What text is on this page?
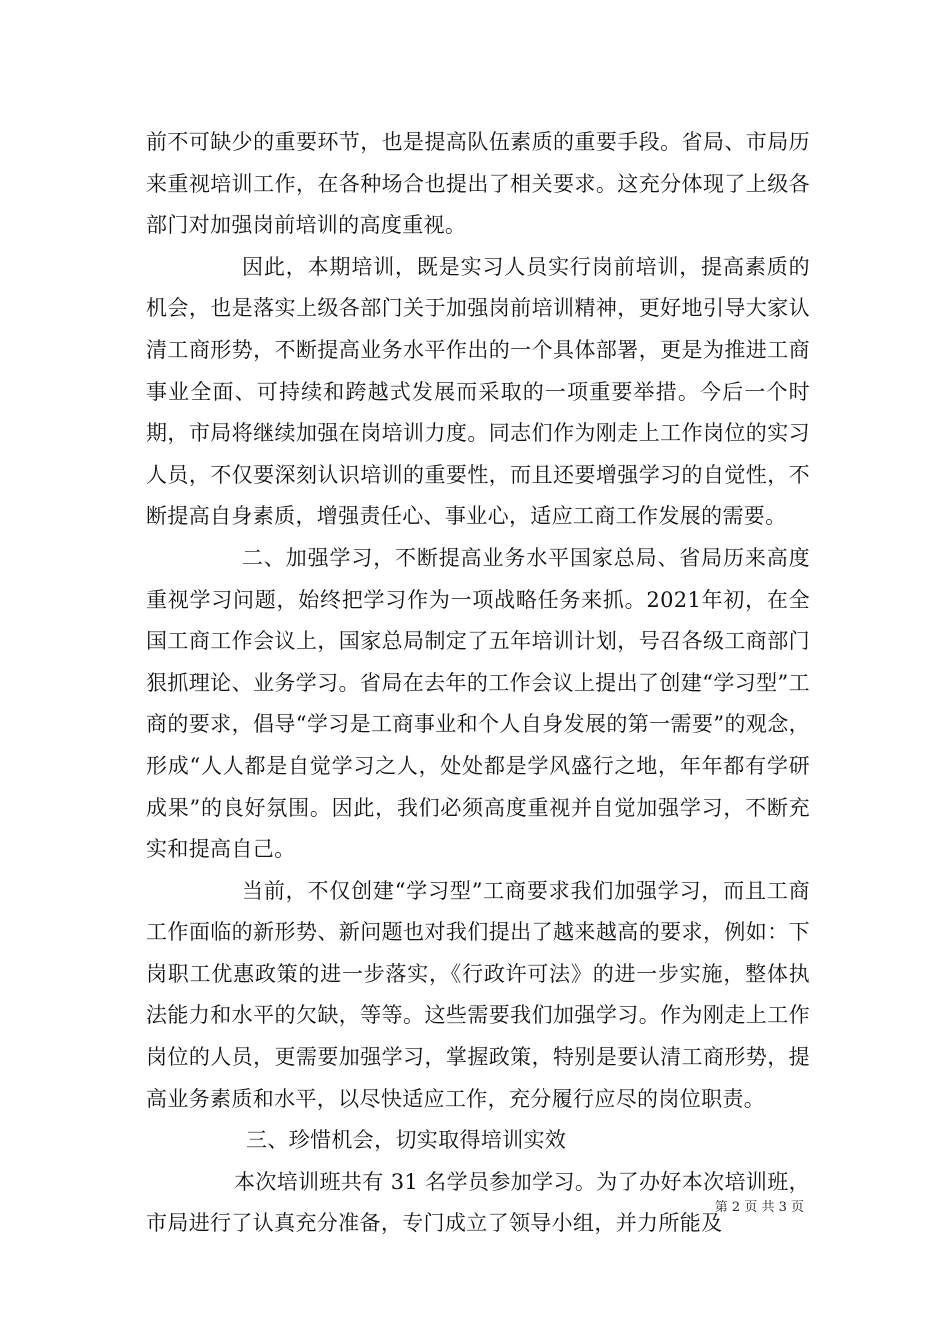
前不可缺少的重要环节，也是提高队伍素质的重要手段。省局、市局历来重视培训工作，在各种场合也提出了相关要求。这充分体现了上级各部门对加强岗前培训的高度重视。

因此，本期培训，既是实习人员实行岗前培训，提高素质的机会，也是落实上级各部门关于加强岗前培训精神，更好地引导大家认清工商形势，不断提高业务水平作出的一个具体部署，更是为推进工商事业全面、可持续和跨越式发展而采取的一项重要举措。今后一个时期，市局将继续加强在岗培训力度。同志们作为刚走上工作岗位的实习人员，不仅要深刻认识培训的重要性，而且还要增强学习的自觉性，不断提高自身素质，增强责任心、事业心，适应工商工作发展的需要。

二、加强学习，不断提高业务水平国家总局、省局历来高度重视学习问题，始终把学习作为一项战略任务来抓。2021年初，在全国工商工作会议上，国家总局制定了五年培训计划，号召各级工商部门狠抓理论、业务学习。省局在去年的工作会议上提出了创建“学习型”工商的要求，倡导“学习是工商事业和个人自身发展的第一需要”的观念，形成“人人都是自觉学习之人，处处都是学风盛行之地，年年都有学研成果”的良好氛围。因此，我们必须高度重视并自觉加强学习，不断充实和提高自己。

当前，不仅创建“学习型”工商要求我们加强学习，而且工商工作面临的新形势、新问题也对我们提出了越来越高的要求，例如：下岗职工优惠政策的进一步落实，《行政许可法》的进一步实施，整体执法能力和水平的欠缺，等等。这些需要我们加强学习。作为刚走上工作岗位的人员，更需要加强学习，掌握政策，特别是要认清工商形势，提高业务素质和水平，以尽快适应工作，充分履行应尽的岗位职责。

三、珍惜机会，切实取得培训实效

本次培训班共有 31 名学员参加学习。为了办好本次培训班，市局进行了认真充分准备，专门成立了领导小组，并力所能及

第 2 页 共 3 页
